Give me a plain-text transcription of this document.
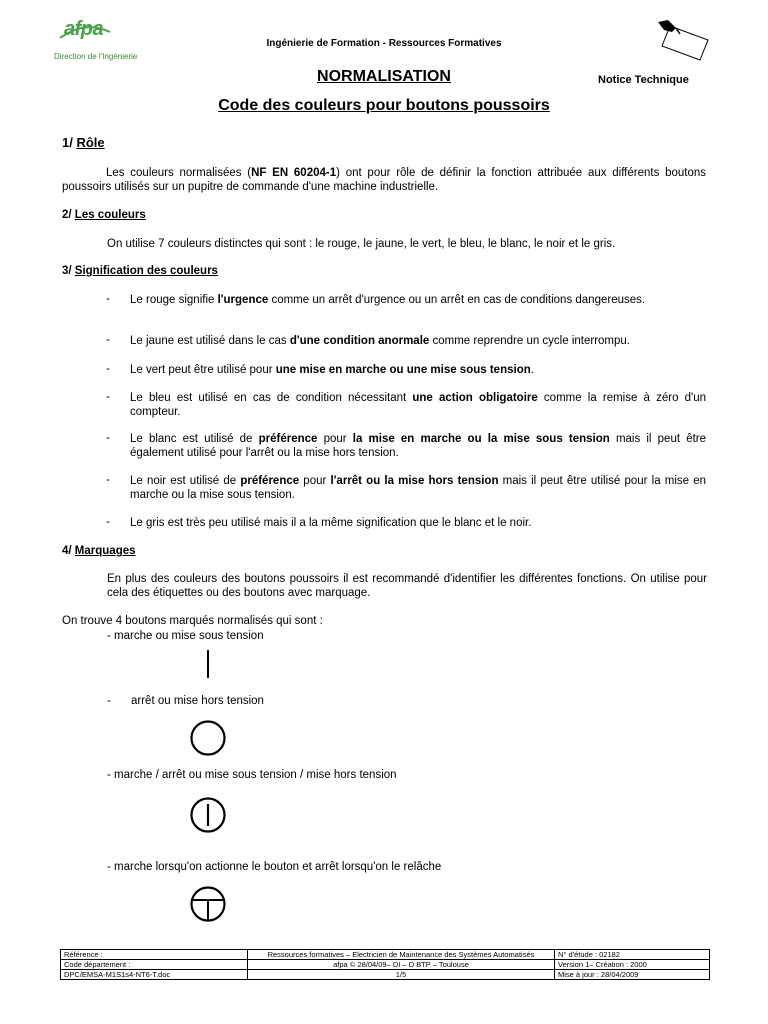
afpa
Direction de l'Ingénierie
Ingénierie de Formation - Ressources Formatives
NORMALISATION	Notice Technique
Code des couleurs pour boutons poussoirs
1/ Rôle
Les couleurs normalisées (NF EN 60204-1) ont pour rôle de définir la fonction attribuée aux différents boutons poussoirs utilisés sur un pupitre de commande d'une machine industrielle.
2/ Les couleurs
On utilise 7 couleurs distinctes qui sont : le rouge, le jaune, le vert, le bleu, le blanc, le noir et le gris.
3/ Signification des couleurs
- Le rouge signifie l'urgence comme un arrêt d'urgence ou un arrêt en cas de conditions dangereuses.
- Le jaune est utilisé dans le cas d'une condition anormale comme reprendre un cycle interrompu.
- Le vert peut être utilisé pour une mise en marche ou une mise sous tension.
- Le bleu est utilisé en cas de condition nécessitant une action obligatoire comme la remise à zéro d'un compteur.
- Le blanc est utilisé de préférence pour la mise en marche ou la mise sous tension mais il peut être également utilisé pour l'arrêt ou la mise hors tension.
- Le noir est utilisé de préférence pour l'arrêt ou la mise hors tension mais il peut être utilisé pour la mise en marche ou la mise sous tension.
- Le gris est très peu utilisé mais il a la même signification que le blanc et le noir.
4/ Marquages
En plus des couleurs des boutons poussoirs il est recommandé d'identifier les différentes fonctions. On utilise pour cela des étiquettes ou des boutons avec marquage.
On trouve 4 boutons marqués normalisés qui sont :
- marche ou mise sous tension
- arrêt ou mise hors tension
- marche / arrêt ou mise sous tension / mise hors tension
- marche lorsqu'on actionne le bouton et arrêt lorsqu'on le relâche
Référence :	Ressources formatives – Electricien de Maintenance des Systèmes Automatisés	N° d'étude : 02182
Code département :	afpa © 28/04/09– DI – D BTP – Toulouse	Version 1– Création : 2000
DPC/EMSA-M1S1s4-NT6-T.doc	1/5	Mise à jour : 28/04/2009
